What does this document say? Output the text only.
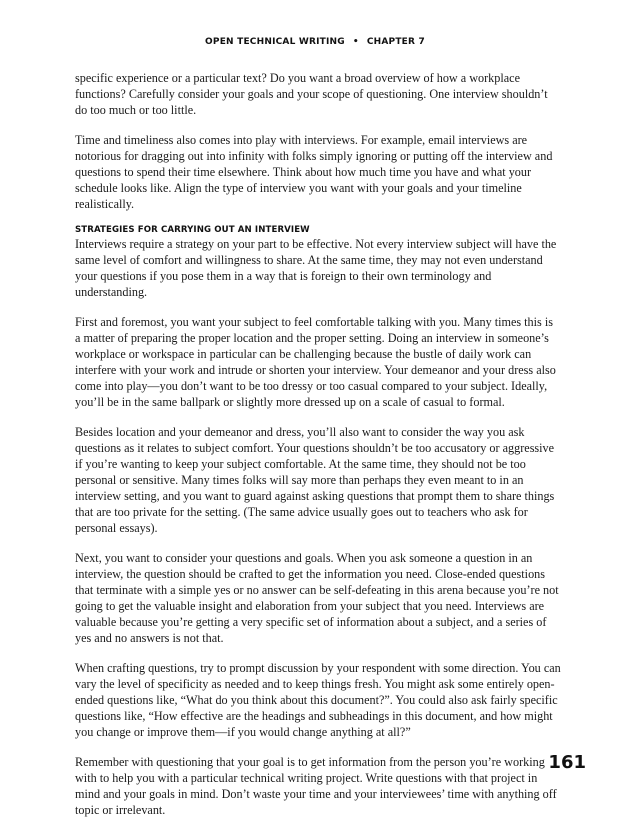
OPEN TECHNICAL WRITING • CHAPTER 7

specific experience or a particular text? Do you want a broad overview of how a workplace functions? Carefully consider your goals and your scope of questioning. One interview shouldn’t do too much or too little.

Time and timeliness also comes into play with interviews. For example, email interviews are notorious for dragging out into infinity with folks simply ignoring or putting off the interview and questions to spend their time elsewhere. Think about how much time you have and what your schedule looks like. Align the type of interview you want with your goals and your timeline realistically.

STRATEGIES FOR CARRYING OUT AN INTERVIEW

Interviews require a strategy on your part to be effective. Not every interview subject will have the same level of comfort and willingness to share. At the same time, they may not even understand your questions if you pose them in a way that is foreign to their own terminology and understanding.

First and foremost, you want your subject to feel comfortable talking with you. Many times this is a matter of preparing the proper location and the proper setting. Doing an interview in someone’s workplace or workspace in particular can be challenging because the bustle of daily work can interfere with your work and intrude or shorten your interview. Your demeanor and your dress also come into play—you don’t want to be too dressy or too casual compared to your subject. Ideally, you’ll be in the same ballpark or slightly more dressed up on a scale of casual to formal.

Besides location and your demeanor and dress, you’ll also want to consider the way you ask questions as it relates to subject comfort. Your questions shouldn’t be too accusatory or aggressive if you’re wanting to keep your subject comfortable. At the same time, they should not be too personal or sensitive. Many times folks will say more than perhaps they even meant to in an interview setting, and you want to guard against asking questions that prompt them to share things that are too private for the setting. (The same advice usually goes out to teachers who ask for personal essays).

Next, you want to consider your questions and goals. When you ask someone a question in an interview, the question should be crafted to get the information you need. Close-ended questions that terminate with a simple yes or no answer can be self-defeating in this arena because you’re not going to get the valuable insight and elaboration from your subject that you need. Interviews are valuable because you’re getting a very specific set of information about a subject, and a series of yes and no answers is not that.

When crafting questions, try to prompt discussion by your respondent with some direction. You can vary the level of specificity as needed and to keep things fresh. You might ask some entirely open-ended questions like, “What do you think about this document?”. You could also ask fairly specific questions like, “How effective are the headings and subheadings in this document, and how might you change or improve them—if you would change anything at all?”

Remember with questioning that your goal is to get information from the person you’re working with to help you with a particular technical writing project. Write questions with that project in mind and your goals in mind. Don’t waste your time and your interviewees’ time with anything off topic or irrelevant.

161
